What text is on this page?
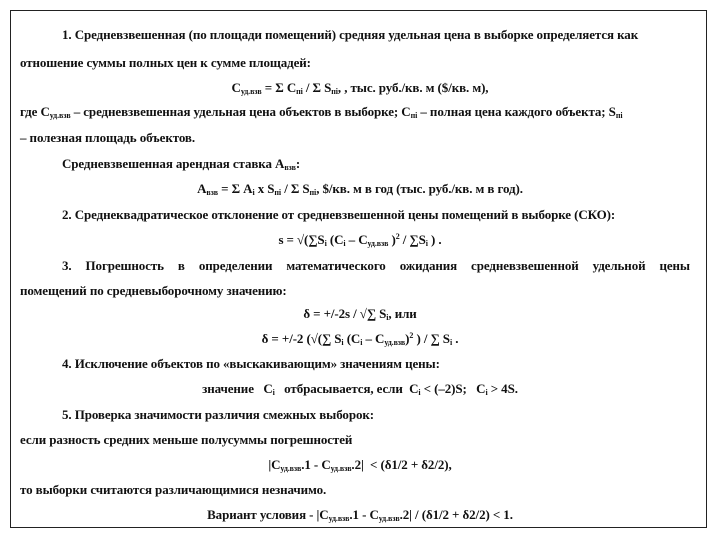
1. Средневзвешенная (по площади помещений) средняя удельная цена в выборке определяется как
отношение суммы полных цен к сумме площадей:
$C_{уд.взв} = \Sigma$ $C_{пi}$ / Σ $S_{пi}$, , тыс. руб./кв. м ($/кв. м),
где $C_{уд.взв}$ – средневзвешенная удельная цена объектов в выборке; $C_{пi}$ – полная цена каждого объекта; $S_{пi}$
– полезная площадь объектов.
Средневзвешенная арендная ставка $A_{взв}$:
$A_{взв} = \Sigma$ $A_i$ x $S_{пi}$ / Σ $S_{пi}$, $/кв. м в год (тыс. руб./кв. м в год).
2. Среднеквадратическое отклонение от средневзвешенной цены помещений в выборке (СКО):
$s = √(\sum S_i$ ($C_i - C_{уд.взв}$ )$^2 / \sum S_i$ ) .
3. Погрешность в определении математического ожидания средневзвешенной удельной цены
помещений по средневыборочному значению:
δ = +/-2s / √∑ $S_i$, или
δ = +/-2 (√(∑ $S_i$ $(C_i - C_{уд.взв})^2$ ) / ∑ $S_i$ .
4. Исключение объектов по «выскакивающим» значениям цены:
значение   $C_i$   отбрасывается, если  $C_i < (-2)S$;   $C_i > 4S$.
5. Проверка значимости различия смежных выборок:
если разность средних меньше полусуммы погрешностей
$|C_{уд.взв}.1 - C_{уд.взв}.2| < (\delta 1/2 + \delta 2/2)$,
то выборки считаются различающимися незначимо.
Вариант условия - $|C_{уд.взв}.1 - C_{уд.взв}.2| / (\delta 1/2 + \delta 2/2) < 1$.
